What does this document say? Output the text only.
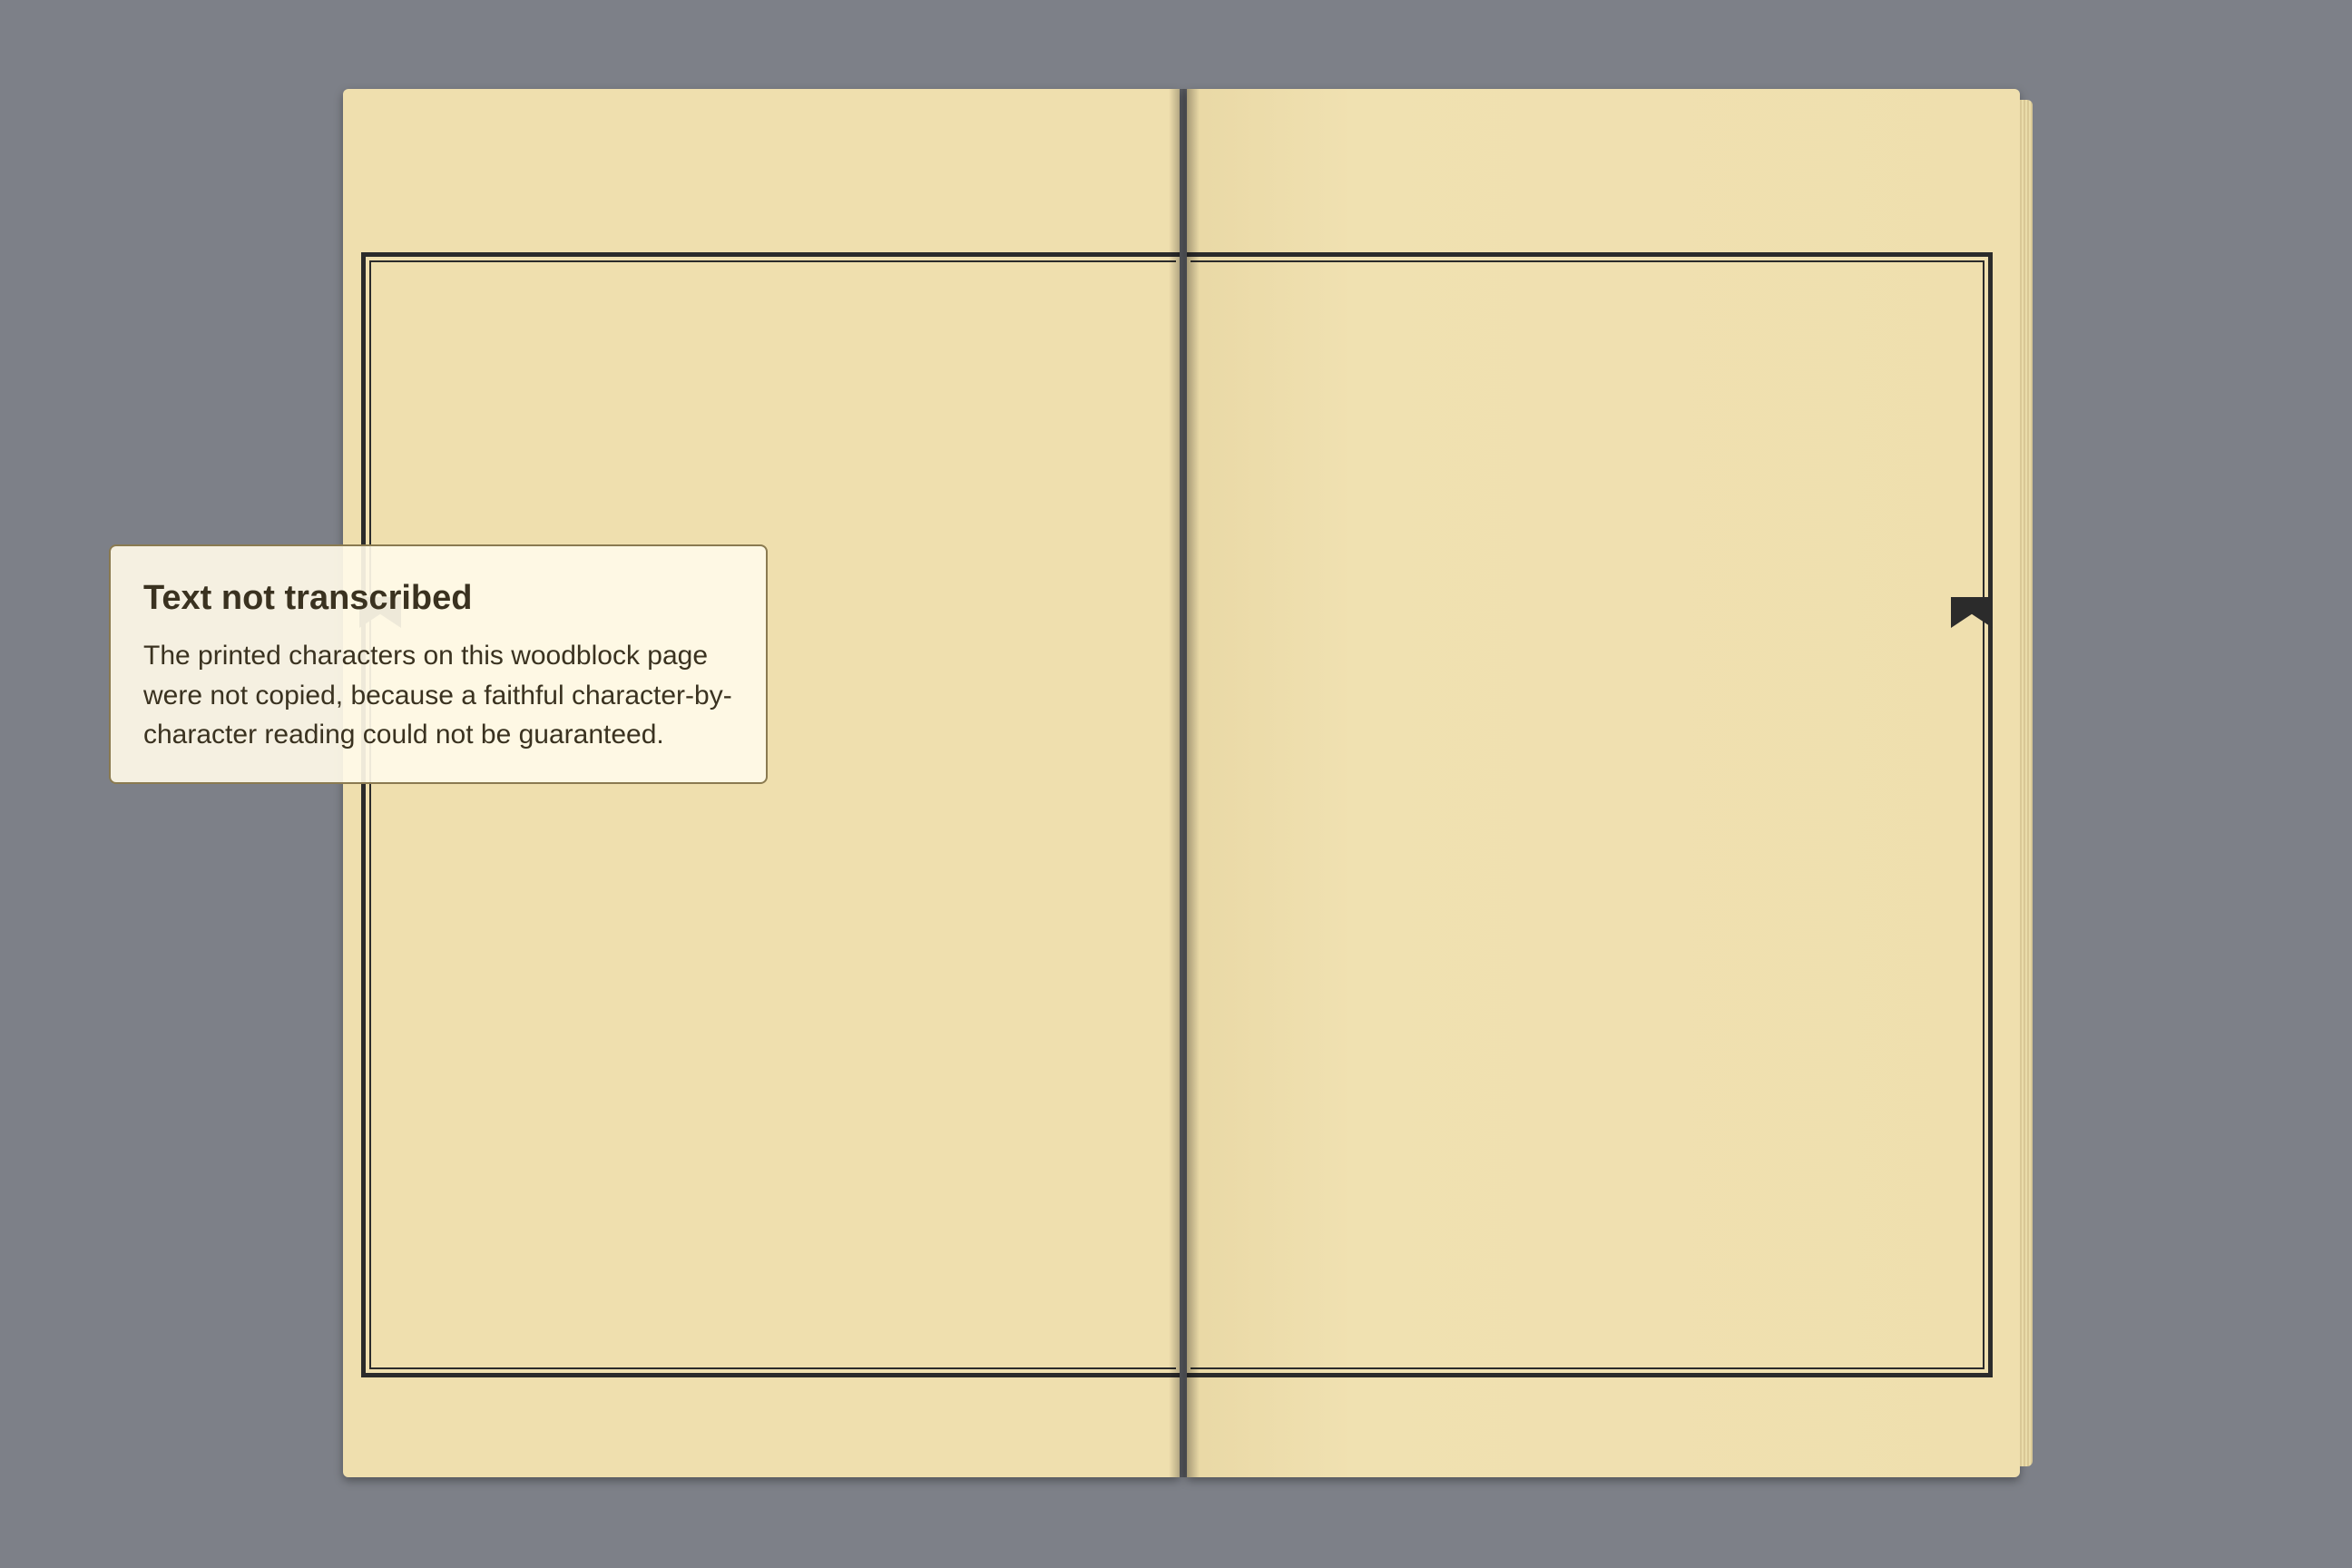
Text not transcribed
The printed characters on this woodblock page were not copied, because a faithful character-by-character reading could not be guaranteed.
